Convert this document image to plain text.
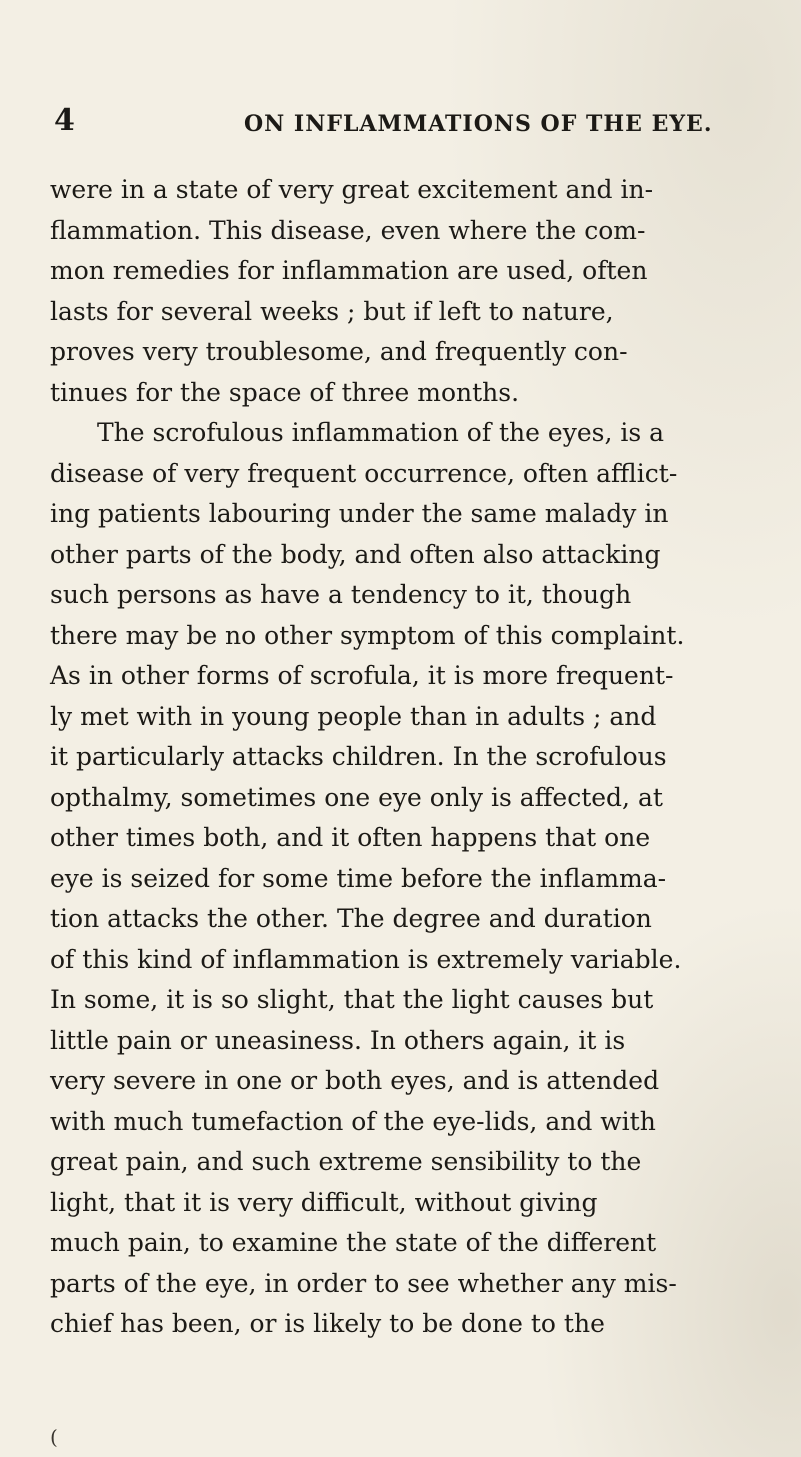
4	ON INFLAMMATIONS OF THE EYE.
were in a state of very great excitement and in-
flammation. This disease, even where the com-
mon remedies for inflammation are used, often
lasts for several weeks ; but if left to nature,
proves very troublesome, and frequently con-
tinues for the space of three months.
The scrofulous inflammation of the eyes, is a
disease of very frequent occurrence, often afflict-
ing patients labouring under the same malady in
other parts of the body, and often also attacking
such persons as have a tendency to it, though
there may be no other symptom of this complaint.
As in other forms of scrofula, it is more frequent-
ly met with in young people than in adults ; and
it particularly attacks children. In the scrofulous
opthalmy, sometimes one eye only is affected, at
other times both, and it often happens that one
eye is seized for some time before the inflamma-
tion attacks the other. The degree and duration
of this kind of inflammation is extremely variable.
In some, it is so slight, that the light causes but
little pain or uneasiness. In others again, it is
very severe in one or both eyes, and is attended
with much tumefaction of the eye-lids, and with
great pain, and such extreme sensibility to the
light, that it is very difficult, without giving
much pain, to examine the state of the different
parts of the eye, in order to see whether any mis-
chief has been, or is likely to be done to the
(
